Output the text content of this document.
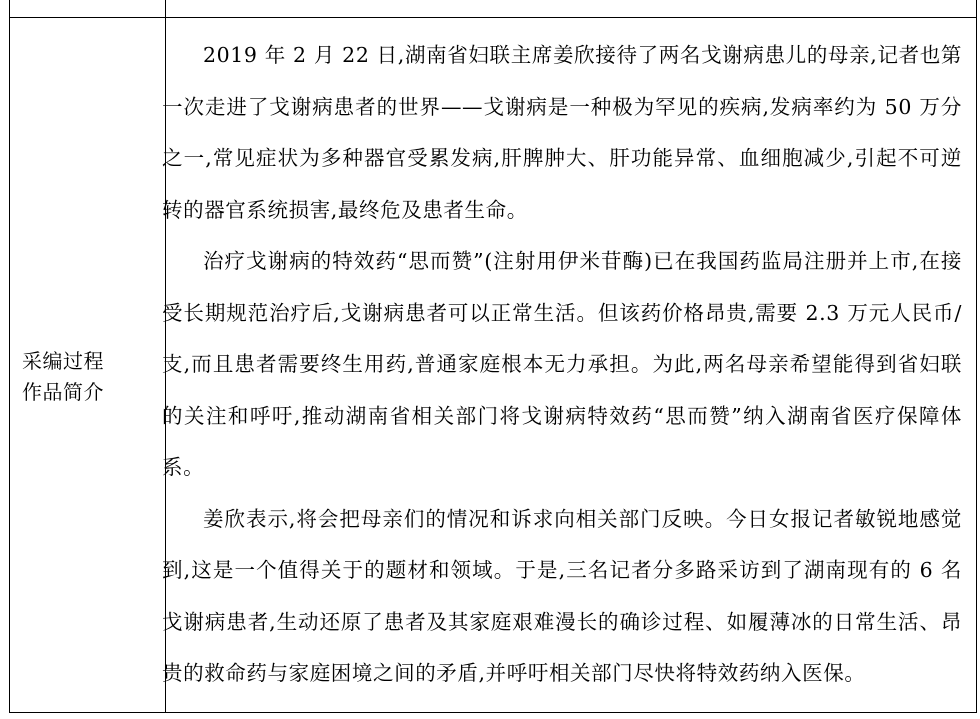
采编过程
作品简介

2019 年 2 月 22 日,湖南省妇联主席姜欣接待了两名戈谢病患儿的母亲,记者也第一次走进了戈谢病患者的世界——戈谢病是一种极为罕见的疾病,发病率约为 50 万分之一,常见症状为多种器官受累发病,肝脾肿大、肝功能异常、血细胞减少,引起不可逆转的器官系统损害,最终危及患者生命。

治疗戈谢病的特效药“思而赞”(注射用伊米苷酶)已在我国药监局注册并上市,在接受长期规范治疗后,戈谢病患者可以正常生活。但该药价格昂贵,需要 2.3 万元人民币/支,而且患者需要终生用药,普通家庭根本无力承担。为此,两名母亲希望能得到省妇联的关注和呼吁,推动湖南省相关部门将戈谢病特效药“思而赞”纳入湖南省医疗保障体系。

姜欣表示,将会把母亲们的情况和诉求向相关部门反映。今日女报记者敏锐地感觉到,这是一个值得关于的题材和领域。于是,三名记者分多路采访到了湖南现有的 6 名戈谢病患者,生动还原了患者及其家庭艰难漫长的确诊过程、如履薄冰的日常生活、昂贵的救命药与家庭困境之间的矛盾,并呼吁相关部门尽快将特效药纳入医保。
